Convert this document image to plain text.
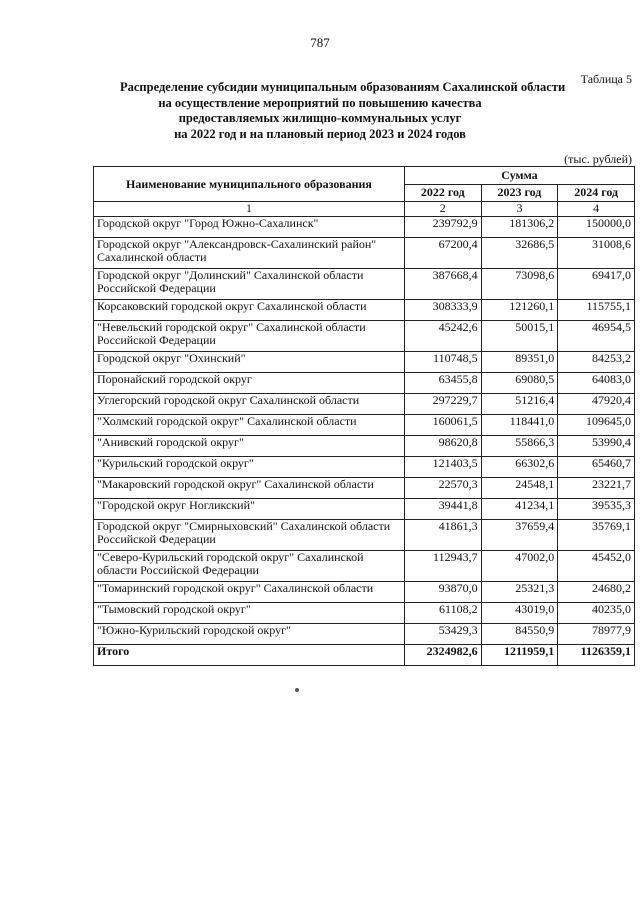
787
Таблица 5
Распределение субсидии муниципальным образованиям Сахалинской области
на осуществление мероприятий по повышению качества
предоставляемых жилищно-коммунальных услуг
на 2022 год и на плановый период 2023 и 2024 годов
(тыс. рублей)
Наименование муниципального образования	Сумма		
	2022 год	2023 год	2024 год
1	2	3	4
Городской округ "Город Южно-Сахалинск"	239792,9	181306,2	150000,0
Городской округ "Александровск-Сахалинский район" Сахалинской области	67200,4	32686,5	31008,6
Городской округ "Долинский" Сахалинской области Российской Федерации	387668,4	73098,6	69417,0
Корсаковский городской округ Сахалинской области	308333,9	121260,1	115755,1
"Невельский городской округ" Сахалинской области Российской Федерации	45242,6	50015,1	46954,5
Городской округ "Охинский"	110748,5	89351,0	84253,2
Поронайский городской округ	63455,8	69080,5	64083,0
Углегорский городской округ Сахалинской области	297229,7	51216,4	47920,4
"Холмский городской округ" Сахалинской области	160061,5	118441,0	109645,0
"Анивский городской округ"	98620,8	55866,3	53990,4
"Курильский городской округ"	121403,5	66302,6	65460,7
"Макаровский городской округ" Сахалинской области	22570,3	24548,1	23221,7
"Городской округ Ногликский"	39441,8	41234,1	39535,3
Городской округ "Смирныховский" Сахалинской области Российской Федерации	41861,3	37659,4	35769,1
"Северо-Курильский городской округ" Сахалинской области Российской Федерации	112943,7	47002,0	45452,0
"Томаринский городской округ" Сахалинской области	93870,0	25321,3	24680,2
"Тымовский городской округ"	61108,2	43019,0	40235,0
"Южно-Курильский городской округ"	53429,3	84550,9	78977,9
Итого	2324982,6	1211959,1	1126359,1
